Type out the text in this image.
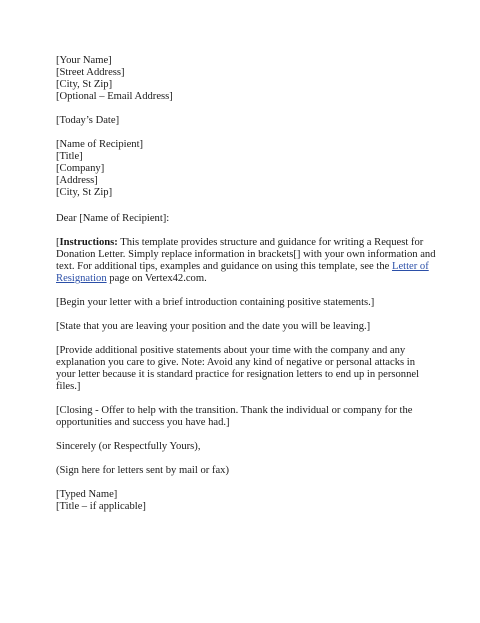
[Your Name]
[Street Address]
[City, St Zip]
[Optional – Email Address]
[Today’s Date]
[Name of Recipient]
[Title]
[Company]
[Address]
[City, St Zip]
Dear [Name of Recipient]:

[Instructions: This template provides structure and guidance for writing a Request for Donation Letter. Simply replace information in brackets[] with your own information and text. For additional tips, examples and guidance on using this template, see the Letter of Resignation page on Vertex42.com.

[Begin your letter with a brief introduction containing positive statements.]

[State that you are leaving your position and the date you will be leaving.]

[Provide additional positive statements about your time with the company and any explanation you care to give. Note: Avoid any kind of negative or personal attacks in your letter because it is standard practice for resignation letters to end up in personnel files.]

[Closing - Offer to help with the transition. Thank the individual or company for the opportunities and success you have had.]

Sincerely (or Respectfully Yours),

(Sign here for letters sent by mail or fax)

[Typed Name]
[Title – if applicable]
